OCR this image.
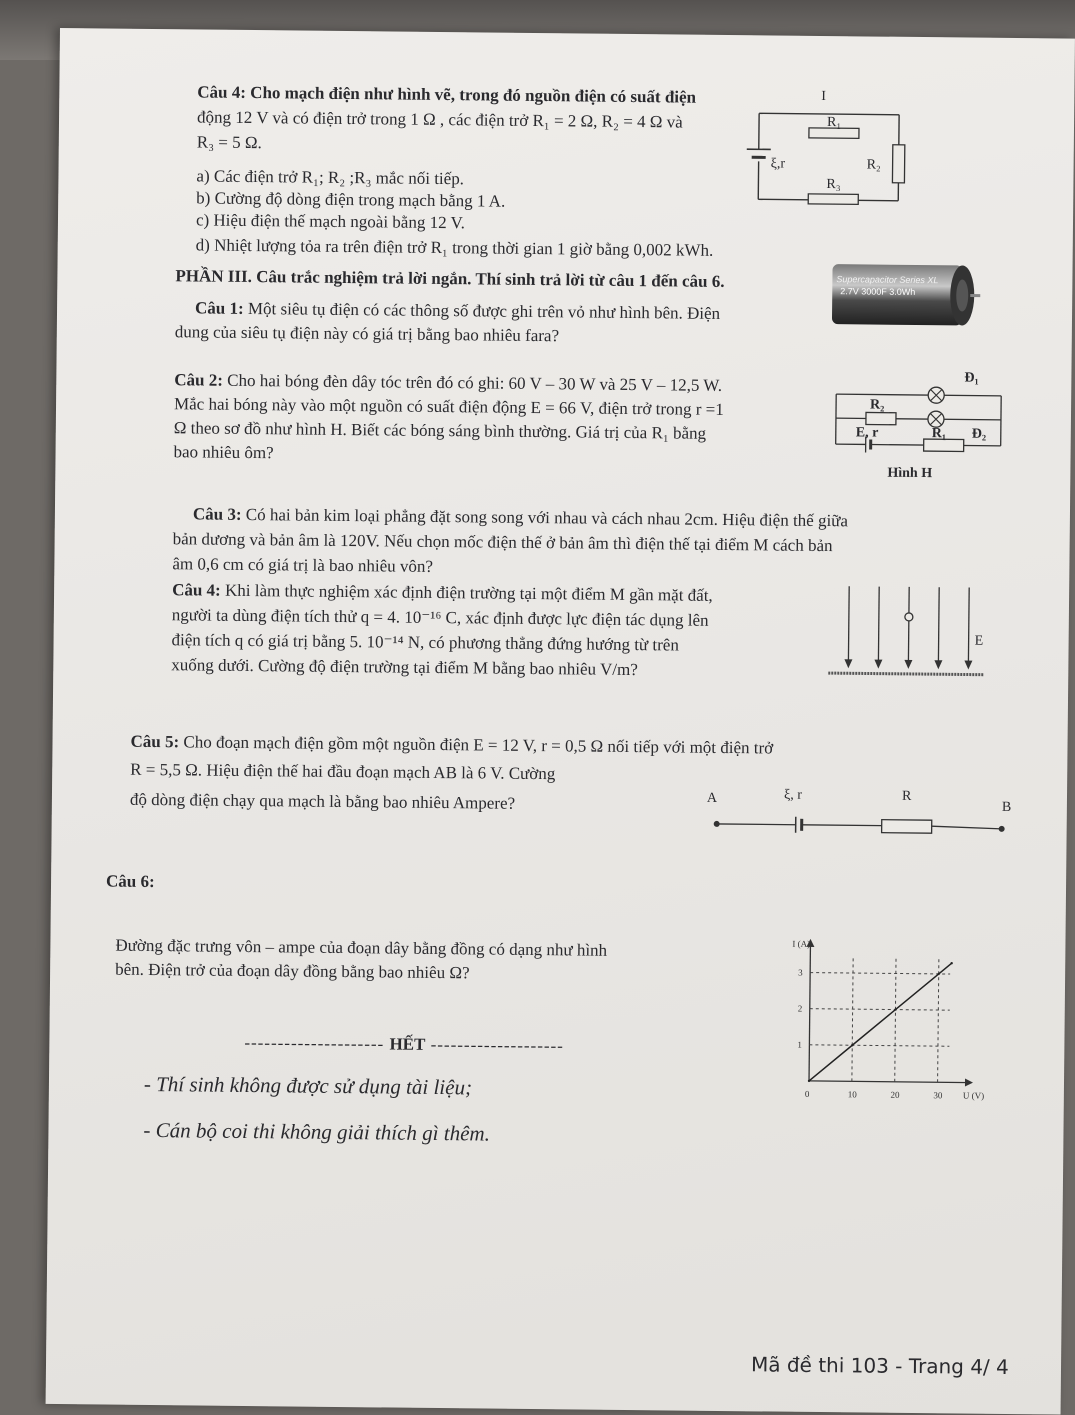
Câu 4: Cho mạch điện như hình vẽ, trong đó nguồn điện có suất điện
động 12 V và có điện trở trong 1 Ω , các điện trở R₁ = 2 Ω, R₂ = 4 Ω và
R₃ = 5 Ω.
a) Các điện trở R₁; R₂ ;R₃ mắc nối tiếp.
b) Cường độ dòng điện trong mạch bằng 1 A.
c) Hiệu điện thế mạch ngoài bằng 12 V.
d) Nhiệt lượng tỏa ra trên điện trở R₁ trong thời gian 1 giờ bằng 0,002 kWh.
I
ξ,r
R₁
R₂
R₃
PHẦN III. Câu trắc nghiệm trả lời ngắn. Thí sinh trả lời từ câu 1 đến câu 6.	Supercapacitor Series XL
2.7V 3000F 3.0Wh
Câu 1: Một siêu tụ điện có các thông số được ghi trên vỏ như hình bên. Điện
dung của siêu tụ điện này có giá trị bằng bao nhiêu fara?
Câu 2: Cho hai bóng đèn dây tóc trên đó có ghi: 60 V – 30 W và 25 V – 12,5 W.
Mắc hai bóng này vào một nguồn có suất điện động E = 66 V, điện trở trong r =1
Ω theo sơ đồ như hình H. Biết các bóng sáng bình thường. Giá trị của R₁ bằng
bao nhiêu ôm?
Đ₁
R₂
E, r	R₁ Đ₂
Hình H
Câu 3: Có hai bản kim loại phẳng đặt song song với nhau và cách nhau 2cm. Hiệu điện thế giữa
bản dương và bản âm là 120V. Nếu chọn mốc điện thế ở bản âm thì điện thế tại điểm M cách bản
âm 0,6 cm có giá trị là bao nhiêu vôn?
Câu 4: Khi làm thực nghiệm xác định điện trường tại một điểm M gần mặt đất,
người ta dùng điện tích thử q = 4. 10⁻¹⁶ C, xác định được lực điện tác dụng lên
điện tích q có giá trị bằng 5. 10⁻¹⁴ N, có phương thẳng đứng hướng từ trên
xuống dưới. Cường độ điện trường tại điểm M bằng bao nhiêu V/m?
E
Câu 5: Cho đoạn mạch điện gồm một nguồn điện E = 12 V, r = 0,5 Ω nối tiếp với một điện trở
R = 5,5 Ω. Hiệu điện thế hai đầu đoạn mạch AB là 6 V. Cường
độ dòng điện chạy qua mạch là bằng bao nhiêu Ampere?	A	ξ, r	R
B
Câu 6:
Đường đặc trưng vôn – ampe của đoạn dây bằng đồng có dạng như hình
bên. Điện trở của đoạn dây đồng bằng bao nhiêu Ω?
I (A)
U (V)
0	10	20	30
1
2
3
--------------------- HẾT --------------------
- Thí sinh không được sử dụng tài liệu;
- Cán bộ coi thi không giải thích gì thêm.
Mã đề thi 103 - Trang 4/ 4
